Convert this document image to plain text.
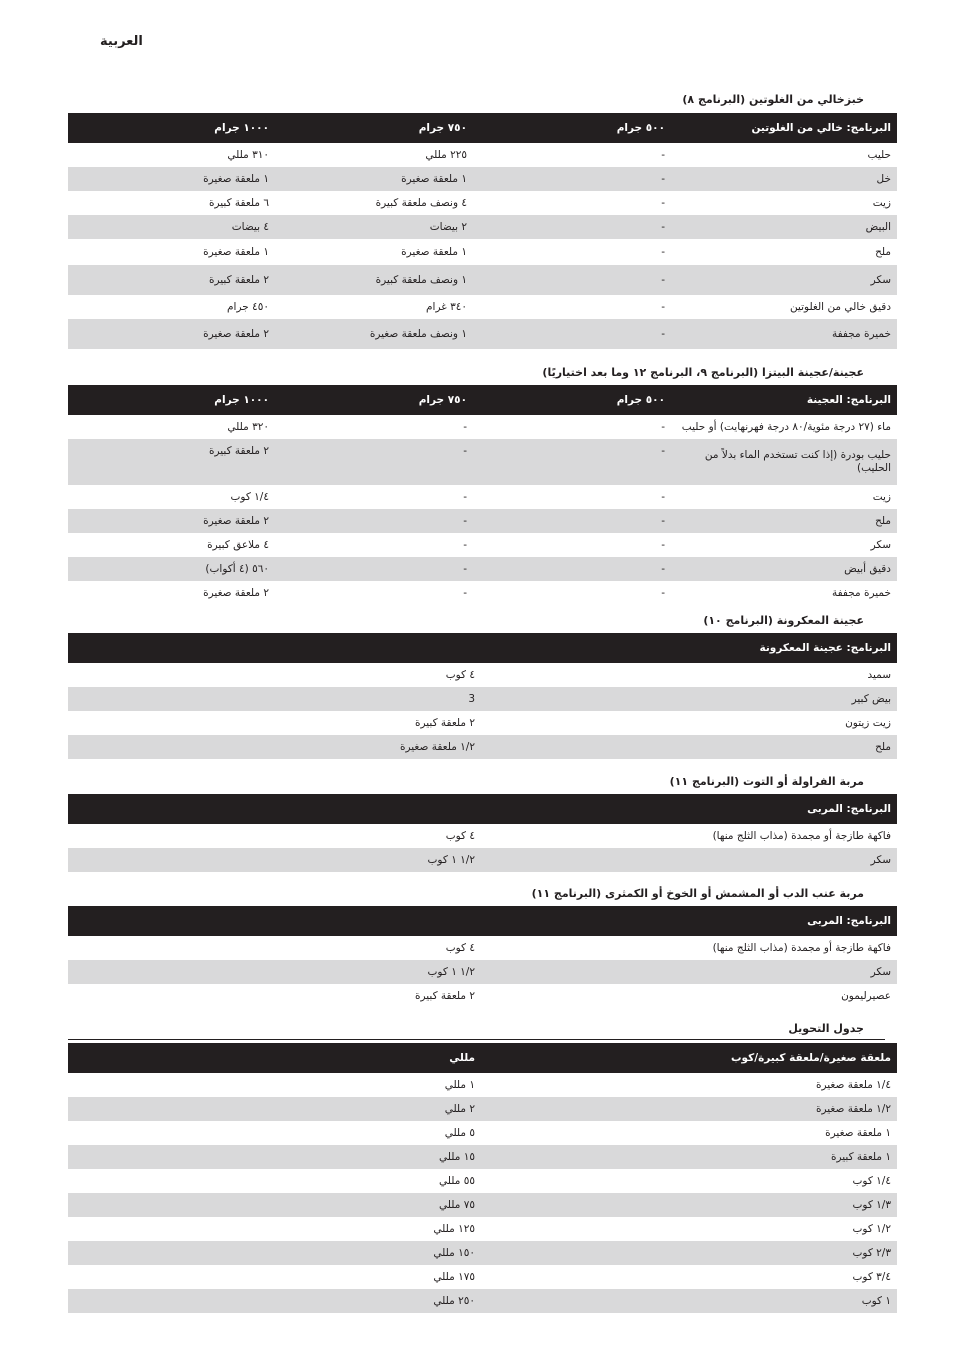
العربية
خبزخالي من الغلوتين (البرنامج ٨)
البرنامج: خالي من الغلوتين	٥٠٠ جرام	٧٥٠ جرام	١٠٠٠ جرام
حليب	-	٢٢٥ مللي	٣١٠ مللي
خل	-	١ ملعقة صغيرة	١ ملعقة صغيرة
زيت	-	٤ ونصف ملعقة كبيرة	٦ ملعقة كبيرة
البيض	-	٢ بيضات	٤ بيضات
ملح	-	١ ملعقة صغيرة	١ ملعقة صغيرة
سكر	-	١ ونصف ملعقة كبيرة	٢ ملعقة كبيرة
دقيق خالي من الغلوتين	-	٣٤٠ غرام	٤٥٠ جرام
خميرة مجففة	-	١ ونصف ملعقة صغيرة	٢ ملعقة صغيرة
عجينة/عجينة البيتزا (البرنامج ٩، البرنامج ١٢ وما بعد اختياريًا)
البرنامج: العجينة	٥٠٠ جرام	٧٥٠ جرام	١٠٠٠ جرام
ماء (٢٧ درجة مئوية/٨٠ درجة فهرنهايت) أو حليب	-	-	٣٢٠ مللي
حليب بودرة (إذا كنت تستخدم الماء بدلاً من الحليب)	-	-	٢ ملعقة كبيرة
زيت	-	-	١/٤ كوب
ملح	-	-	٢ ملعقة صغيرة
سكر	-	-	٤ ملاعق كبيرة
دقيق أبيض	-	-	٥٦٠ (٤ أكواب)
خميرة مجففة	-	-	٢ ملعقة صغيرة
عجينة المعكرونة (البرنامج ١٠)
البرنامج: عجينة المعكرونة	
سميد	٤ كوب
بيض كبير	3
زيت زيتون	٢ ملعقة كبيرة
ملح	١/٢ ملعقة صغيرة
مربة الفراولة أو التوت (البرنامج ١١)
البرنامج: المربى	
فاكهة طازجة أو مجمدة (مذاب الثلج منها)	٤ كوب
سكر	١/٢ ١ كوب
مربة عنب الدب أو المشمش أو الخوخ أو الكمثرى (البرنامج ١١)
البرنامج: المربى	
فاكهة طازجة أو مجمدة (مذاب الثلج منها)	٤ كوب
سكر	١/٢ ١ كوب
عصيرليمون	٢ ملعقة كبيرة
جدول التحويل
ملعقة صغيرة/ملعقة كبيرة/كوب	مللي
١/٤ ملعقة صغيرة	١ مللي
١/٢ ملعقة صغيرة	٢ مللي
١ ملعقة صغيرة	٥ مللي
١ ملعقة كبيرة	١٥ مللي
١/٤ كوب	٥٥ مللي
١/٣ كوب	٧٥ مللي
١/٢ كوب	١٢٥ مللي
٢/٣ كوب	١٥٠ مللي
٣/٤ كوب	١٧٥ مللي
١ كوب	٢٥٠ مللي
